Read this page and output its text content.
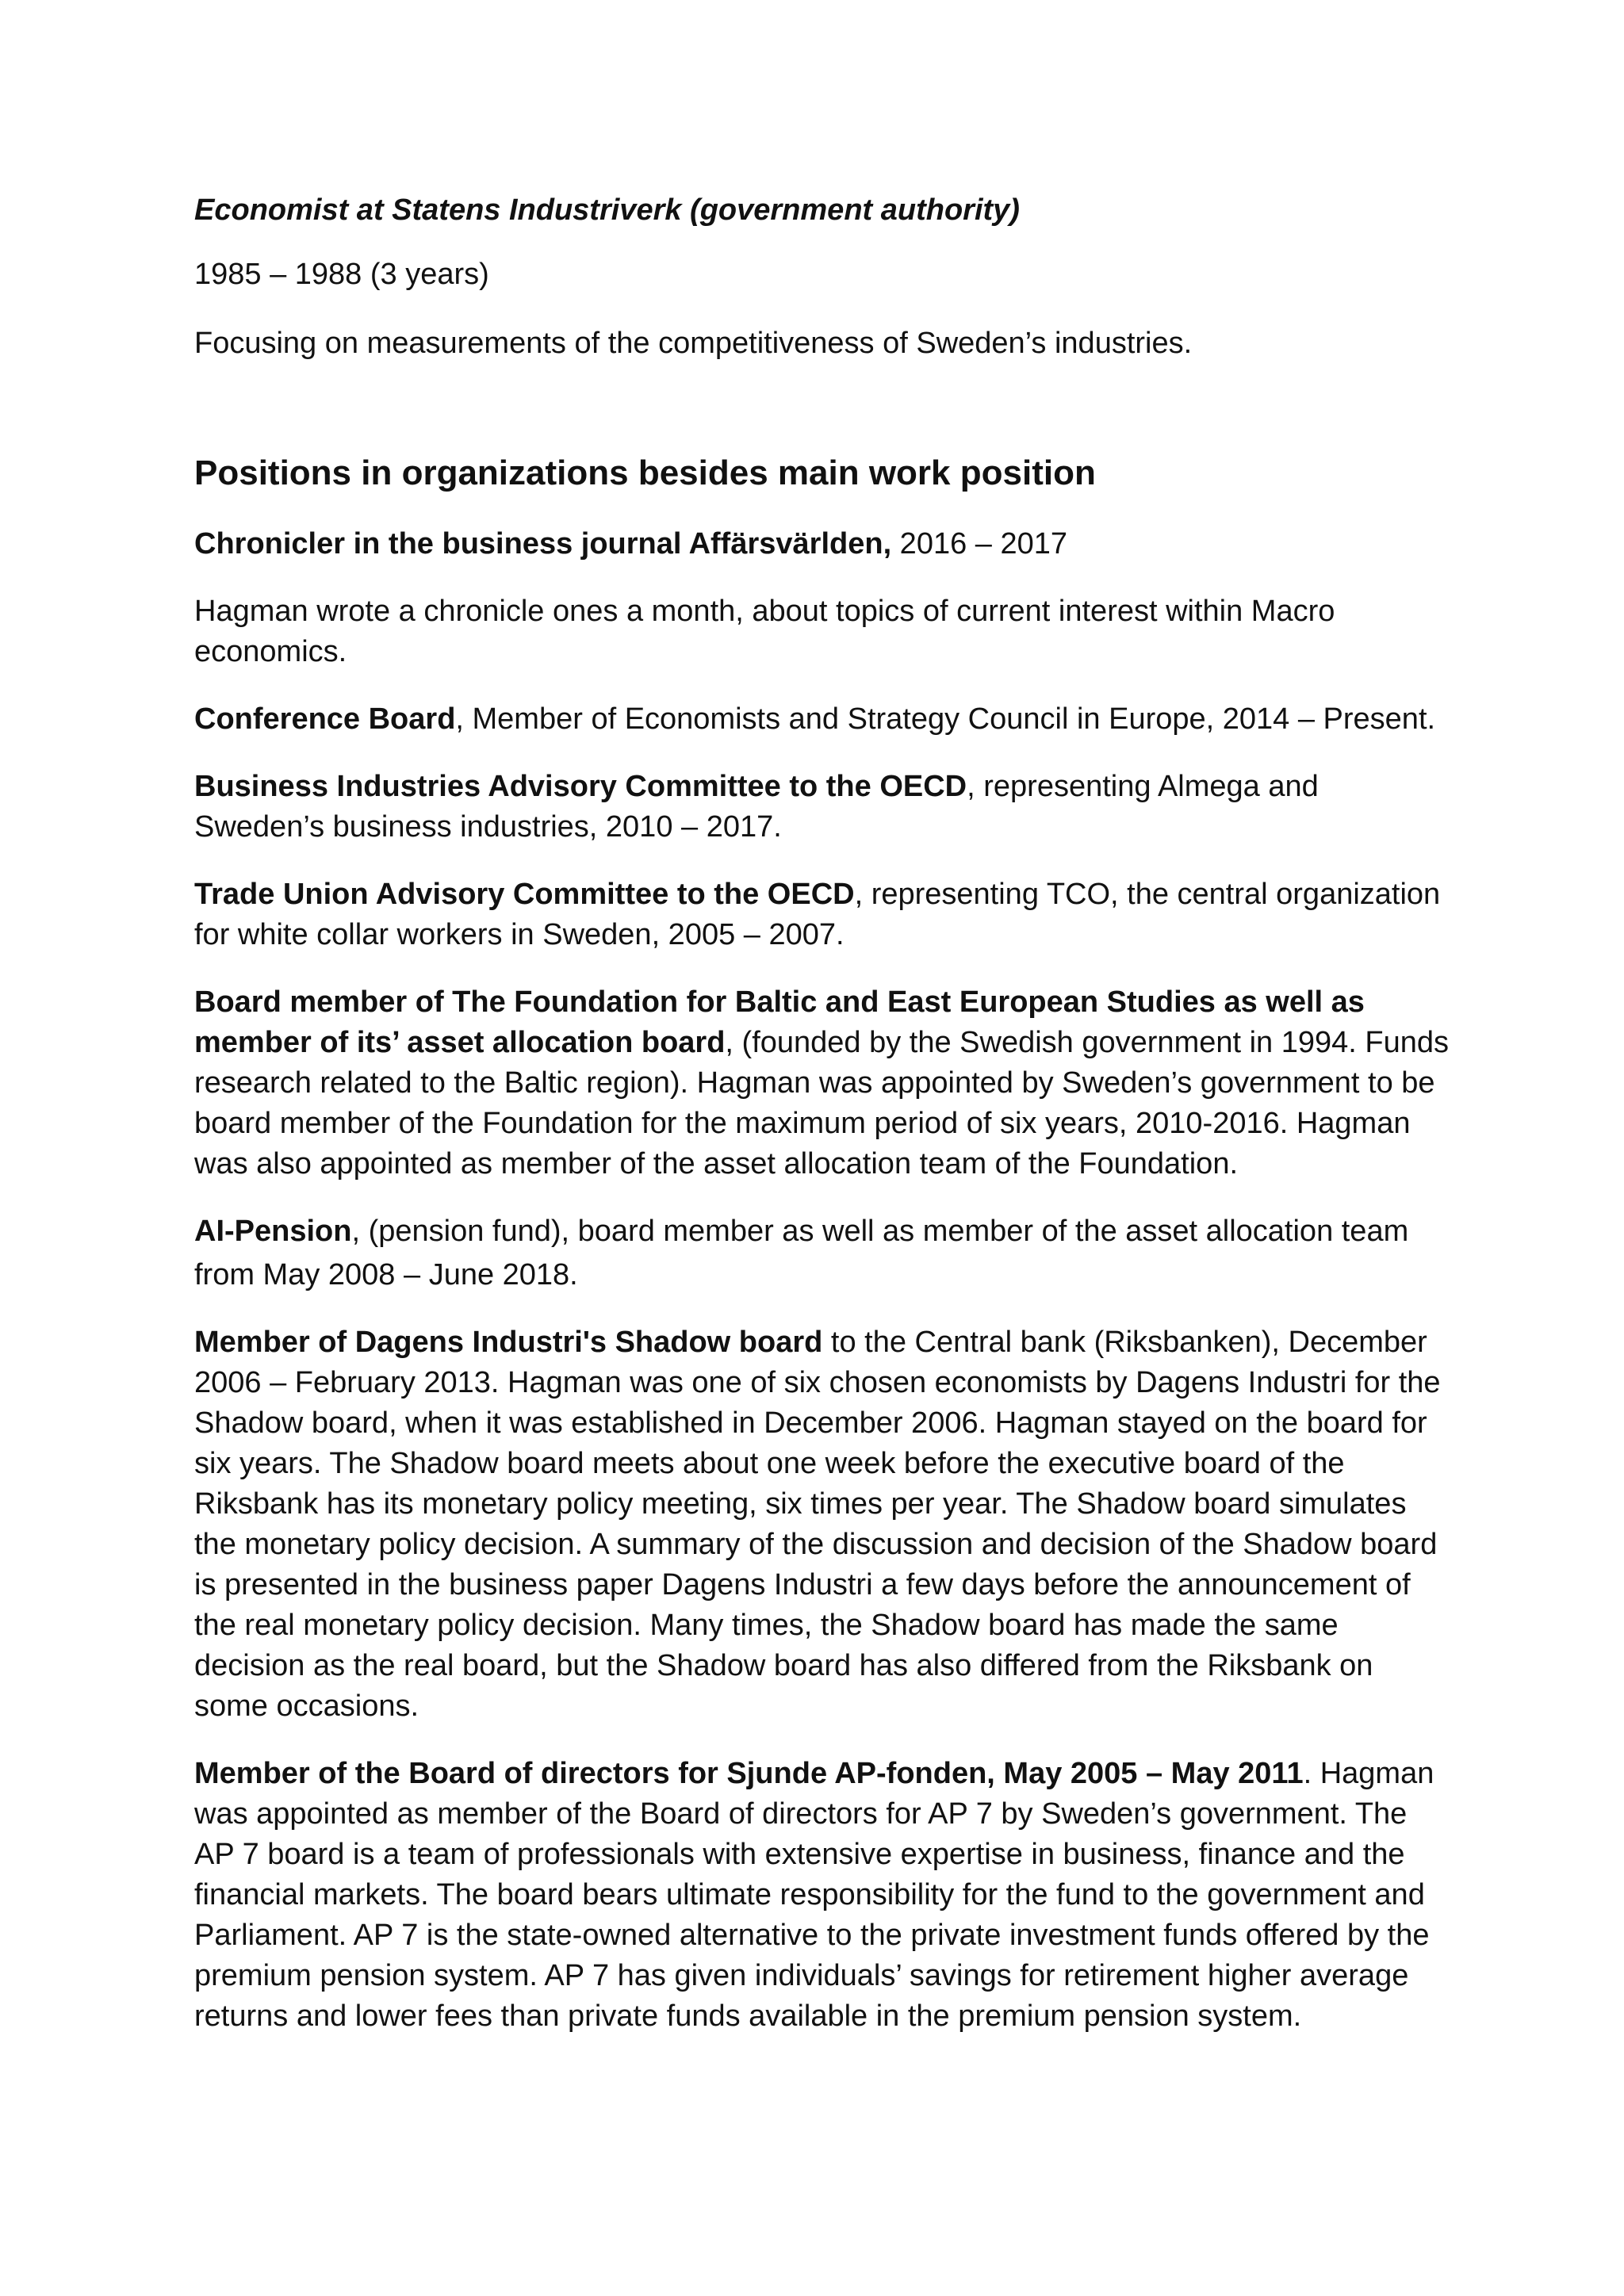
Economist at Statens Industriverk (government authority)

1985 – 1988 (3 years)

Focusing on measurements of the competitiveness of Sweden’s industries.

Positions in organizations besides main work position

Chronicler in the business journal Affärsvärlden, 2016 – 2017

Hagman wrote a chronicle ones a month, about topics of current interest within Macro economics.

Conference Board, Member of Economists and Strategy Council in Europe, 2014 – Present.

Business Industries Advisory Committee to the OECD, representing Almega and Sweden’s business industries, 2010 – 2017.

Trade Union Advisory Committee to the OECD, representing TCO, the central organization for white collar workers in Sweden, 2005 – 2007.

Board member of The Foundation for Baltic and East European Studies as well as member of its’ asset allocation board, (founded by the Swedish government in 1994. Funds research related to the Baltic region). Hagman was appointed by Sweden’s government to be board member of the Foundation for the maximum period of six years, 2010-2016. Hagman was also appointed as member of the asset allocation team of the Foundation.

AI-Pension, (pension fund), board member as well as member of the asset allocation team
from May 2008 – June 2018.

Member of Dagens Industri's Shadow board to the Central bank (Riksbanken), December 2006 – February 2013. Hagman was one of six chosen economists by Dagens Industri for the Shadow board, when it was established in December 2006. Hagman stayed on the board for six years. The Shadow board meets about one week before the executive board of the Riksbank has its monetary policy meeting, six times per year. The Shadow board simulates the monetary policy decision. A summary of the discussion and decision of the Shadow board is presented in the business paper Dagens Industri a few days before the announcement of the real monetary policy decision. Many times, the Shadow board has made the same decision as the real board, but the Shadow board has also differed from the Riksbank on some occasions.

Member of the Board of directors for Sjunde AP-fonden, May 2005 – May 2011. Hagman was appointed as member of the Board of directors for AP 7 by Sweden’s government. The AP 7 board is a team of professionals with extensive expertise in business, finance and the financial markets. The board bears ultimate responsibility for the fund to the government and Parliament. AP 7 is the state-owned alternative to the private investment funds offered by the premium pension system. AP 7 has given individuals’ savings for retirement higher average returns and lower fees than private funds available in the premium pension system.
